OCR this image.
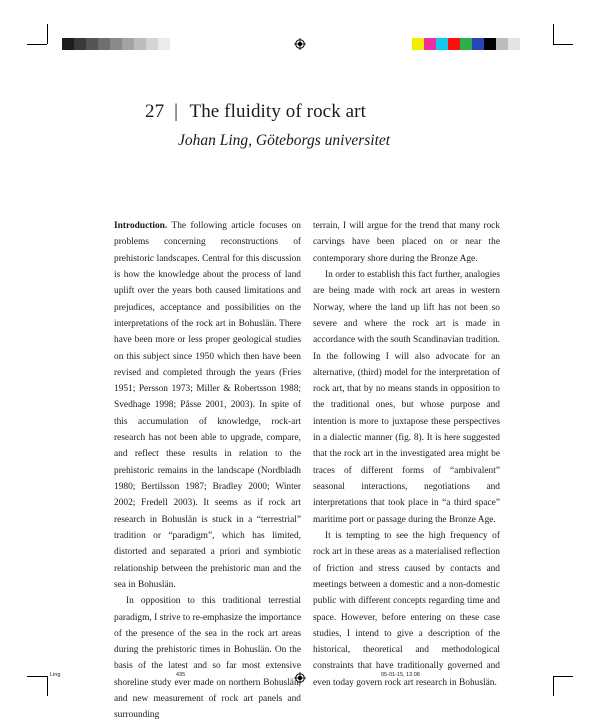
27 | The fluidity of rock art
Johan Ling, Göteborgs universitet

Introduction. The following article focuses on problems concerning reconstructions of prehistoric landscapes. Central for this discussion is how the knowledge about the process of land uplift over the years both caused limitations and prejudices, acceptance and possibilities on the interpretations of the rock art in Bohuslän. There have been more or less proper geological studies on this subject since 1950 which then have been revised and completed through the years (Fries 1951; Persson 1973; Miller & Robertsson 1988; Svedhage 1998; Påsse 2001, 2003). In spite of this accumulation of knowledge, rock-art research has not been able to upgrade, compare, and reflect these results in relation to the prehistoric remains in the landscape (Nordbladh 1980; Bertilsson 1987; Bradley 2000; Winter 2002; Fredell 2003). It seems as if rock art research in Bohuslän is stuck in a “terrestrial” tradition or “paradigm”, which has limited, distorted and separated a priori and symbiotic relationship between the prehistoric man and the sea in Bohuslän.

In opposition to this traditional terrestial paradigm, I strive to re-emphasize the importance of the presence of the sea in the rock art areas during the prehistoric times in Bohuslän. On the basis of the latest and so far most extensive shoreline study ever made on northern Bohuslän, and new measurement of rock art panels and surrounding

terrain, I will argue for the trend that many rock carvings have been placed on or near the contemporary shore during the Bronze Age.

In order to establish this fact further, analogies are being made with rock art areas in western Norway, where the land up lift has not been so severe and where the rock art is made in accordance with the south Scandinavian tradition. In the following I will also advocate for an alternative, (third) model for the interpretation of rock art, that by no means stands in opposition to the traditional ones, but whose purpose and intention is more to juxtapose these perspectives in a dialectic manner (fig. 8). It is here suggested that the rock art in the investigated area might be traces of different forms of “ambivalent” seasonal interactions, negotiations and interpretations that took place in “a third space” maritime port or passage during the Bronze Age.

It is tempting to see the high frequency of rock art in these areas as a materialised reflection of friction and stress caused by contacts and meetings between a domestic and a non-domestic public with different concepts regarding time and space. However, before entering on these case studies, I intend to give a description of the historical, theoretical and methodological constraints that have traditionally governed and even today govern rock art research in Bohuslän.

Ling	435	05-01-15, 13.08
